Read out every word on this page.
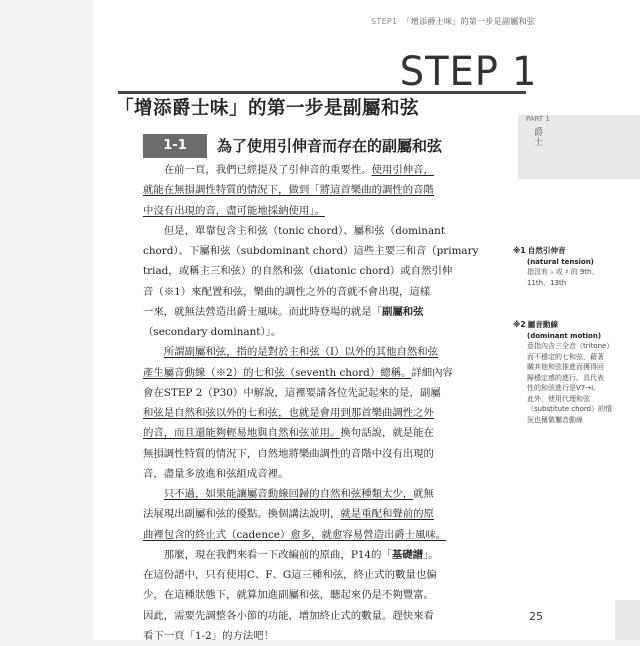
STEP1 「增添爵士味」的第一步是副屬和弦
STEP 1
「增添爵士味」的第一步是副屬和弦	PART 1
爵士
1-1	為了使用引伸音而存在的副屬和弦
在前一頁，我們已經提及了引伸音的重要性。使用引伸音，
就能在無損調性特質的情況下，做到「將這首樂曲的調性的音階
中沒有出現的音，盡可能地採納使用」。
但是，單靠包含主和弦（tonic chord）、屬和弦（dominant
chord）、下屬和弦（subdominant chord）這些主要三和音（primary
triad，或稱主三和弦）的自然和弦（diatonic chord）或自然引伸
音（※1）來配置和弦，樂曲的調性之外的音就不會出現，這樣
一來，就無法營造出爵士風味。而此時登場的就是「副屬和弦
（secondary dominant）」。
所謂副屬和弦，指的是對於主和弦（I）以外的其他自然和弦
產生屬音動線（※2）的七和弦（seventh chord）總稱。詳細內容
會在STEP 2（P30）中解說，這裡要請各位先記起來的是，副屬
和弦是自然和弦以外的七和弦，也就是會用到那首樂曲調性之外
的音，而且還能夠輕易地與自然和弦並用。換句話說，就是能在
無損調性特質的情況下，自然地將樂曲調性的音階中沒有出現的
音，盡量多放進和弦組成音裡。
只不過，如果能讓屬音動線回歸的自然和弦種類太少，就無
法展現出副屬和弦的優點。換個講法說明，就是重配和聲前的原
曲裡包含的終止式（cadence）愈多，就愈容易營造出爵士風味。
那麼，現在我們來看一下改編前的原曲，P14的「基礎譜」。
在這份譜中，只有使用C、F、G這三種和弦，終止式的數量也偏
少，在這種狀態下，就算加進副屬和弦，聽起來仍是不夠豐富。
因此，需要先調整各小節的功能，增加終止式的數量。趕快來看
看下一頁「1-2」的方法吧！
※1 自然引伸音
(natural tension)
指沒有 ♭ 或 ♯ 的 9th、
11th、13th
※2 屬音動線
(dominant motion)
意指內含三全音（tritone）
而不穩定的七和弦，藉著
關其他和弦推進而獲得回
歸穩定感的進行。具代表
性的和弦進行是V7→I。
此外，使用代理和弦
（substitute chord）的情
況也稱做屬音動線
25
